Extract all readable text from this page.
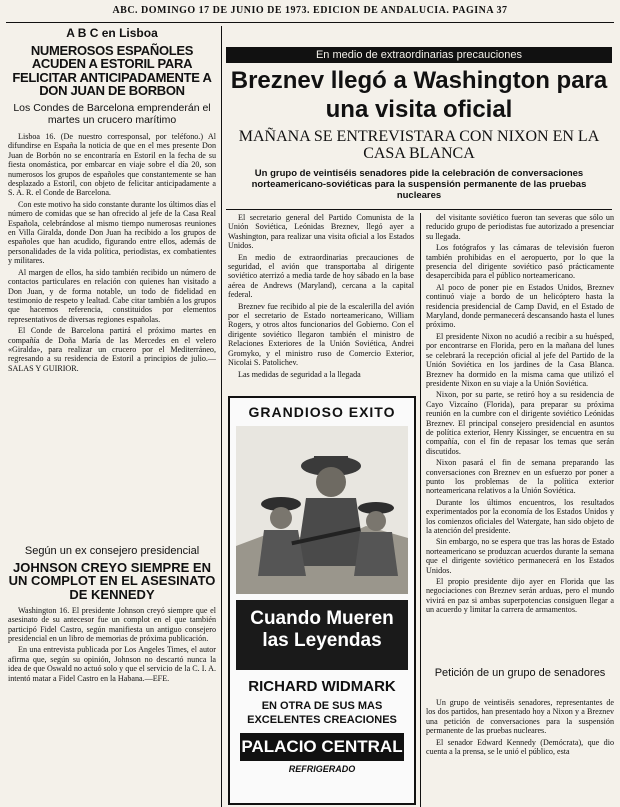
ABC. DOMINGO 17 DE JUNIO DE 1973. EDICION DE ANDALUCIA. PAGINA 37
A B C en Lisboa
NUMEROSOS ESPAÑOLES ACUDEN A ESTORIL PARA FELICITAR ANTICIPADAMENTE A DON JUAN DE BORBON
Los Condes de Barcelona emprenderán el martes un crucero marítimo

Lisboa 16. (De nuestro corresponsal, por teléfono.) Al difundirse en España la noticia de que en el mes presente Don Juan de Borbón no se encontraría en Estoril en la fecha de su fiesta onomástica, por embarcar en viaje sobre el día 20, son numerosos los grupos de españoles que constantemente se han desplazado a Estoril, con objeto de felicitar anticipadamente a S. A. R. el Conde de Barcelona.

Con este motivo ha sido constante durante los últimos días el número de comidas que se han ofrecido al jefe de la Casa Real Española, celebrándose al mismo tiempo numerosas reuniones en Villa Giralda, donde Don Juan ha recibido a los grupos de españoles que han acudido, figurando entre ellos, además de personalidades de la vida política, periodistas, ex combatientes y militares.

Al margen de ellos, ha sido también recibido un número de contactos particulares en relación con quienes han visitado a Don Juan, y de forma notable, un todo de fidelidad en testimonio de respeto y lealtad. Cabe citar también a los grupos que hacemos referencia, constituidos por elementos representativos de diversas regiones españolas.

El Conde de Barcelona partirá el próximo martes en compañía de Doña María de las Mercedes en el velero «Giralda», para realizar un crucero por el Mediterráneo, regresando a su residencia de Estoril a principios de julio.—SALAS Y GUIRIOR.

Según un ex consejero presidencial
JOHNSON CREYO SIEMPRE EN UN COMPLOT EN EL ASESINATO DE KENNEDY

Washington 16. El presidente Johnson creyó siempre que el asesinato de su antecesor fue un complot en el que también participó Fidel Castro, según manifiesta un antiguo consejero presidencial en un libro de memorias de próxima publicación.

En una entrevista publicada por Los Angeles Times, el autor afirma que, según su opinión, Johnson no descartó nunca la idea de que Oswald no actuó solo y que el servicio de la C. I. A. intentó matar a Fidel Castro en la Habana.—EFE.

En medio de extraordinarias precauciones
Breznev llegó a Washington para una visita oficial
MAÑANA SE ENTREVISTARA CON NIXON EN LA CASA BLANCA
Un grupo de veintiséis senadores pide la celebración de conversaciones norteamericano-soviéticas para la suspensión permanente de las pruebas nucleares

El secretario general del Partido Comunista de la Unión Soviética, Leónidas Breznev, llegó ayer a Washington, para realizar una visita oficial a los Estados Unidos.

En medio de extraordinarias precauciones de seguridad, el avión que transportaba al dirigente soviético aterrizó a media tarde de hoy sábado en la base aérea de Andrews (Maryland), cercana a la capital federal.

Breznev fue recibido al pie de la escalerilla del avión por el secretario de Estado norteamericano, William Rogers, y otros altos funcionarios del Gobierno. Con el dirigente soviético llegaron también el ministro de Relaciones Exteriores de la Unión Soviética, Andrei Gromyko, y el ministro ruso de Comercio Exterior, Nicolai S. Patolichev.

Las medidas de seguridad a la llegada

del visitante soviético fueron tan severas que sólo un reducido grupo de periodistas fue autorizado a presenciar su llegada.

Los fotógrafos y las cámaras de televisión fueron también prohibidas en el aeropuerto, por lo que la presencia del dirigente soviético pasó prácticamente desapercibida para el público norteamericano.

Al poco de poner pie en Estados Unidos, Breznev continuó viaje a bordo de un helicóptero hasta la residencia presidencial de Camp David, en el Estado de Maryland, donde permanecerá descansando hasta el lunes próximo.

El presidente Nixon no acudió a recibir a su huésped, por encontrarse en Florida, pero en la mañana del lunes se celebrará la recepción oficial al jefe del Partido de la Unión Soviética en los jardines de la Casa Blanca. Breznev ha dormido en la misma cama que utilizó el presidente Nixon en su viaje a la Unión Soviética.

Nixon, por su parte, se retiró hoy a su residencia de Cayo Vizcaíno (Florida), para preparar su próxima reunión en la cumbre con el dirigente soviético Leónidas Breznev. El principal consejero presidencial en asuntos de política exterior, Henry Kissinger, se encuentra en su compañía, con el fin de repasar los temas que serán discutidos.

Nixon pasará el fin de semana preparando las conversaciones con Breznev en un esfuerzo por poner a punto los problemas de la política exterior norteamericana relativos a la Unión Soviética.

Durante los últimos encuentros, los resultados experimentados por la economía de los Estados Unidos y los comienzos oficiales del Watergate, han sido objeto de la atención del presidente.

Sin embargo, no se espera que tras las horas de Estado norteamericano se produzcan acuerdos durante la semana que el dirigente soviético permanecerá en los Estados Unidos.

El propio presidente dijo ayer en Florida que las negociaciones con Breznev serán arduas, pero el mundo vivirá en paz si ambas superpotencias consiguen llegar a un acuerdo y limitar la carrera de armamentos.

Petición de un grupo de senadores

Un grupo de veintiséis senadores, representantes de los dos partidos, han presentado hoy a Nixon y a Breznev una petición de conversaciones para la suspensión permanente de las pruebas nucleares.

El senador Edward Kennedy (Demócrata), que dio cuenta a la prensa, se le unió el público, esta

GRANDIOSO EXITO
Cuando Mueren las Leyendas
RICHARD WIDMARK
EN OTRA DE SUS MAS EXCELENTES CREACIONES
PALACIO CENTRAL
REFRIGERADO
